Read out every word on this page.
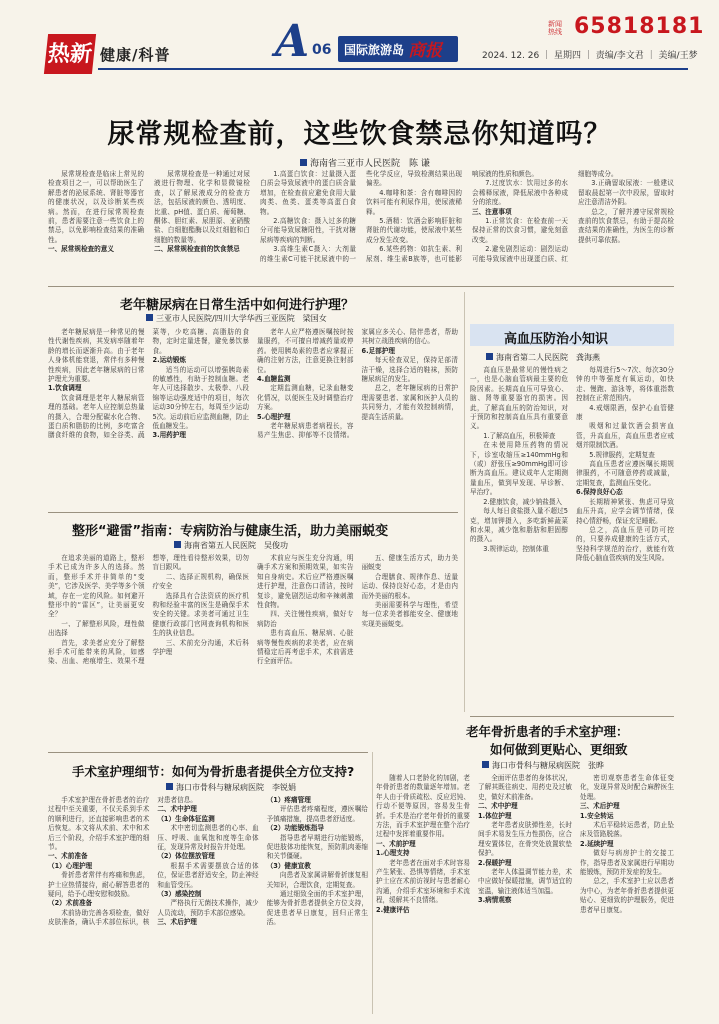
热新 健康/科普 A 06 国际旅游岛 商报
新闻热线 65818181
2024. 12. 26 ｜ 星期四 ｜ 责编/李文君 ｜ 美编/王梦
尿常规检查前，这些饮食禁忌你知道吗？
海南省三亚市人民医院　陈 谦

尿常规检查是临床上常见的检查项目之一，可以帮助医生了解患者的泌尿系统、肾脏等器官的健康状况，以及诊断某些疾病。然而，在进行尿常规检查前，患者需要注意一些饮食上的禁忌，以免影响检查结果的准确性。

一、尿常规检查的意义

尿常规检查是一种通过对尿液进行物理、化学和显微镜检查，以了解尿液成分的检查方法，包括尿液的颜色、透明度、比重、pH值、蛋白质、葡萄糖、酮体、胆红素、尿胆原、亚硝酸盐、白细胞酯酶以及红细胞和白细胞的数量等。

二、尿常规检查前的饮食禁忌

1.高蛋白饮食：过量摄入蛋白质会导致尿液中的蛋白质含量增加，在检查前应避免食用大量肉类、鱼类、蛋类等高蛋白食物。

2.高糖饮食：摄入过多的糖分可能导致尿糖阳性，干扰对糖尿病等疾病的判断。

3.高维生素C摄入：大剂量的维生素C可能干扰尿液中的一些化学反应，导致检测结果出现偏差。

4.咖啡和茶：含有咖啡因的饮料可能有利尿作用，使尿液稀释。

5.酒精：饮酒会影响肝脏和肾脏的代谢功能，使尿液中某些成分发生改变。

6.某些药物：如抗生素、利尿剂、维生素B族等，也可能影响尿液的性质和颜色。

7.过度饮水：饮用过多的水会稀释尿液，降低尿液中各种成分的浓度。

三、注意事项

1.正常饮食：在检查前一天保持正常的饮食习惯，避免刻意改变。

2.避免剧烈运动：剧烈运动可能导致尿液中出现蛋白质、红细胞等成分。

3.正确留取尿液：一般建议留取晨起第一次中段尿，留取时应注意清洁外阴。

总之，了解并遵守尿常规检查前的饮食禁忌，有助于提高检查结果的准确性，为医生的诊断提供可靠依据。

老年糖尿病在日常生活中如何进行护理？
三亚市人民医院/四川大学华西三亚医院　梁国女

老年糖尿病是一种常见的慢性代谢性疾病，其发病率随着年龄的增长而逐渐升高。由于老年人身体机能衰退，常伴有多种慢性疾病，因此老年糖尿病的日常护理尤为重要。

1.饮食调理

饮食调理是老年人糖尿病管理的基础。老年人应控制总热量的摄入，合理分配碳水化合物、蛋白质和脂肪的比例，多吃富含膳食纤维的食物，如全谷类、蔬菜等，少吃高糖、高脂肪的食物，定时定量进餐，避免暴饮暴食。

2.运动锻炼

适当的运动可以增强胰岛素的敏感性，有助于控制血糖。老年人可选择散步、太极拳、八段锦等运动强度适中的项目，每次运动30分钟左右，每周至少运动5次。运动前后应监测血糖，防止低血糖发生。

3.用药护理

老年人应严格遵医嘱按时按量服药，不可擅自增减药量或停药。使用胰岛素的患者应掌握正确的注射方法，注意更换注射部位。

4.血糖监测

定期监测血糖，记录血糖变化情况，以便医生及时调整治疗方案。

5.心理护理

老年糖尿病患者病程长，容易产生焦虑、抑郁等不良情绪。家属应多关心、陪伴患者，帮助其树立战胜疾病的信心。

6.足部护理

每天检查双足，保持足部清洁干燥，选择合适的鞋袜，预防糖尿病足的发生。

总之，老年糖尿病的日常护理需要患者、家属和医护人员的共同努力，才能有效控制病情，提高生活质量。

高血压防治小知识
海南省第二人民医院　龚海燕

高血压是最常见的慢性病之一，也是心脑血管病最主要的危险因素。长期高血压可导致心、脑、肾等重要器官的损害。因此，了解高血压的防治知识，对于预防和控制高血压具有重要意义。

1.了解高血压，积极筛查

在未使用降压药物的情况下，诊室收缩压≥140mmHg和（或）舒张压≥90mmHg即可诊断为高血压。建议成年人定期测量血压，做到早发现、早诊断、早治疗。

2.健康饮食，减少钠盐摄入

每人每日食盐摄入量不超过5克，增加钾摄入，多吃新鲜蔬菜和水果，减少饱和脂肪和胆固醇的摄入。

3.规律运动，控制体重

每周进行5～7次、每次30分钟的中等强度有氧运动，如快走、慢跑、游泳等，将体重指数控制在正常范围内。

4.戒烟限酒，保护心血管健康

吸烟和过量饮酒会损害血管，升高血压，高血压患者应戒烟并限制饮酒。

5.规律服药，定期复查

高血压患者应遵医嘱长期规律服药，不可随意停药或减量，定期复查，监测血压变化。

6.保持良好心态

长期精神紧张、焦虑可导致血压升高，应学会调节情绪，保持心情舒畅，保证充足睡眠。

总之，高血压是可防可控的，只要养成健康的生活方式，坚持科学规范的治疗，就能有效降低心脑血管疾病的发生风险。

整形“避雷”指南：专病防治与健康生活，助力美丽蜕变
海南省第五人民医院　吴俊功

在追求美丽的道路上，整形手术已成为许多人的选择。然而，整形手术并非简单的“变美”，它涉及医学、美学等多个领域，存在一定的风险。如何避开整形中的“雷区”，让美丽更安全？

一、了解整形风险，理性做出选择

首先，求美者应充分了解整形手术可能带来的风险，如感染、出血、疤痕增生、效果不理想等，理性看待整形效果，切勿盲目跟风。

二、选择正规机构，确保医疗安全

选择具有合法资质的医疗机构和经验丰富的医生是确保手术安全的关键。求美者可通过卫生健康行政部门官网查询机构和医生的执业信息。

三、术前充分沟通，术后科学护理

术前应与医生充分沟通，明确手术方案和预期效果，如实告知自身病史。术后应严格遵医嘱进行护理，注意伤口清洁，按时复诊，避免剧烈运动和辛辣刺激性食物。

四、关注慢性疾病，做好专病防治

患有高血压、糖尿病、心脏病等慢性疾病的求美者，应在病情稳定后再考虑手术，术前需进行全面评估。

五、健康生活方式，助力美丽蜕变

合理膳食、规律作息、适量运动、保持良好心态，才是由内而外美丽的根本。

美丽需要科学与理性，希望每一位求美者都能安全、健康地实现美丽蜕变。

老年骨折患者的手术室护理：
如何做到更贴心、更细致
海口市骨科与糖尿病医院　张晔

随着人口老龄化的加剧，老年骨折患者的数量逐年增加。老年人由于骨质疏松、反应迟钝、行动不便等原因，容易发生骨折。手术是治疗老年骨折的重要方法，而手术室护理在整个治疗过程中发挥着重要作用。

一、术前护理

1.心理支持

老年患者在面对手术时容易产生紧张、恐惧等情绪，手术室护士应在术前访视时与患者耐心沟通，介绍手术室环境和手术流程，缓解其不良情绪。

2.健康评估

全面评估患者的身体状况，了解其既往病史、用药史及过敏史，做好术前准备。

二、术中护理

1.体位护理

老年患者皮肤弹性差，长时间手术易发生压力性损伤，应合理安置体位，在骨突处放置软垫保护。

2.保暖护理

老年人体温调节能力差，术中应做好保暖措施，调节适宜的室温，输注液体适当加温。

3.病情观察

密切观察患者生命体征变化，发现异常及时配合麻醉医生处理。

三、术后护理

1.安全转运

术后平稳转运患者，防止坠床及管路脱落。

2.延续护理

做好与病房护士的交接工作，指导患者及家属进行早期功能锻炼，预防并发症的发生。

总之，手术室护士应以患者为中心，为老年骨折患者提供更贴心、更细致的护理服务，促进患者早日康复。

手术室护理细节：如何为骨折患者提供全方位支持?
海口市骨科与糖尿病医院　李锐娟

手术室护理在骨折患者的治疗过程中至关重要，不仅关系到手术的顺利进行，还直接影响患者的术后恢复。本文将从术前、术中和术后三个阶段，介绍手术室护理的细节。

一、术前准备

（1）心理护理

骨折患者常伴有疼痛和焦虑，护士应热情接待，耐心解答患者的疑问，给予心理安慰和鼓励。

（2）术前准备

术前协助完善各项检查，做好皮肤准备，确认手术部位标识，核对患者信息。

二、术中护理

（1）生命体征监测

术中密切监测患者的心率、血压、呼吸、血氧饱和度等生命体征，发现异常及时报告并处理。

（2）体位摆放管理

根据手术需要摆放合适的体位，保证患者舒适安全，防止神经和血管受压。

（3）感染控制

严格执行无菌技术操作，减少人员流动，预防手术部位感染。

三、术后护理

（1）疼痛管理

评估患者疼痛程度，遵医嘱给予镇痛措施，提高患者舒适度。

（2）功能锻炼指导

指导患者早期进行功能锻炼，促进肢体功能恢复，预防肌肉萎缩和关节僵硬。

（3）健康宣教

向患者及家属讲解骨折康复相关知识，合理饮食，定期复查。

通过细致全面的手术室护理，能够为骨折患者提供全方位支持，促进患者早日康复，回归正常生活。
